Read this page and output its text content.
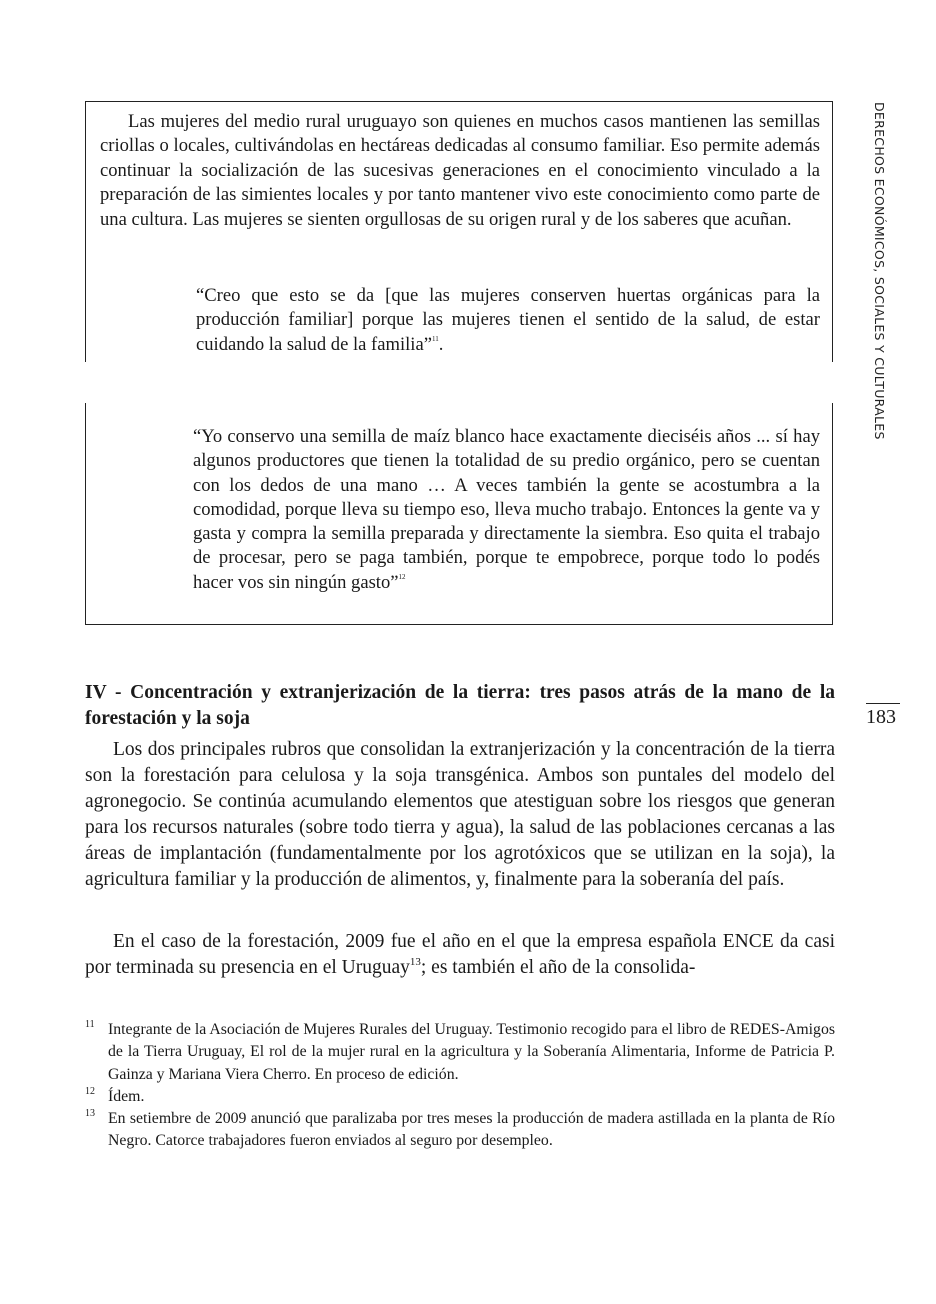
Las mujeres del medio rural uruguayo son quienes en muchos casos mantienen las semillas criollas o locales, cultivándolas en hectáreas dedicadas al consumo familiar. Eso permite además continuar la socialización de las sucesivas generaciones en el conocimiento vinculado a la preparación de las simientes locales y por tanto mantener vivo este conocimiento como parte de una cultura. Las mujeres se sienten orgullosas de su origen rural y de los saberes que acuñan.

“Creo que esto se da [que las mujeres conserven huertas orgánicas para la producción familiar] porque las mujeres tienen el sentido de la salud, de estar cuidando la salud de la familia”$^{11}$.

“Yo conservo una semilla de maíz blanco hace exactamente dieciséis años ... sí hay algunos productores que tienen la totalidad de su predio orgánico, pero se cuentan con los dedos de una mano … A veces también la gente se acostumbra a la comodidad, porque lleva su tiempo eso, lleva mucho trabajo. Entonces la gente va y gasta y compra la semilla preparada y directamente la siembra. Eso quita el trabajo de procesar, pero se paga también, porque te empobrece, porque todo lo podés hacer vos sin ningún gasto”$^{12}$

IV - Concentración y extranjerización de la tierra: tres pasos atrás de la mano de la forestación y la soja

Los dos principales rubros que consolidan la extranjerización y la concentración de la tierra son la forestación para celulosa y la soja transgénica. Ambos son puntales del modelo del agronegocio. Se continúa acumulando elementos que atestiguan sobre los riesgos que generan para los recursos naturales (sobre todo tierra y agua), la salud de las poblaciones cercanas a las áreas de implantación (fundamentalmente por los agrotóxicos que se utilizan en la soja), la agricultura familiar y la producción de alimentos, y, finalmente para la soberanía del país.

En el caso de la forestación, 2009 fue el año en el que la empresa española ENCE da casi por terminada su presencia en el Uruguay$^{13}$; es también el año de la consolida-

11 Integrante de la Asociación de Mujeres Rurales del Uruguay. Testimonio recogido para el libro de REDES-Amigos de la Tierra Uruguay, El rol de la mujer rural en la agricultura y la Soberanía Alimentaria, Informe de Patricia P. Gainza y Mariana Viera Cherro. En proceso de edición.
12 Ídem.
13 En setiembre de 2009 anunció que paralizaba por tres meses la producción de madera astillada en la planta de Río Negro. Catorce trabajadores fueron enviados al seguro por desempleo.
DERECHOS ECONÓMICOS, SOCIALES Y CULTURALES
183
